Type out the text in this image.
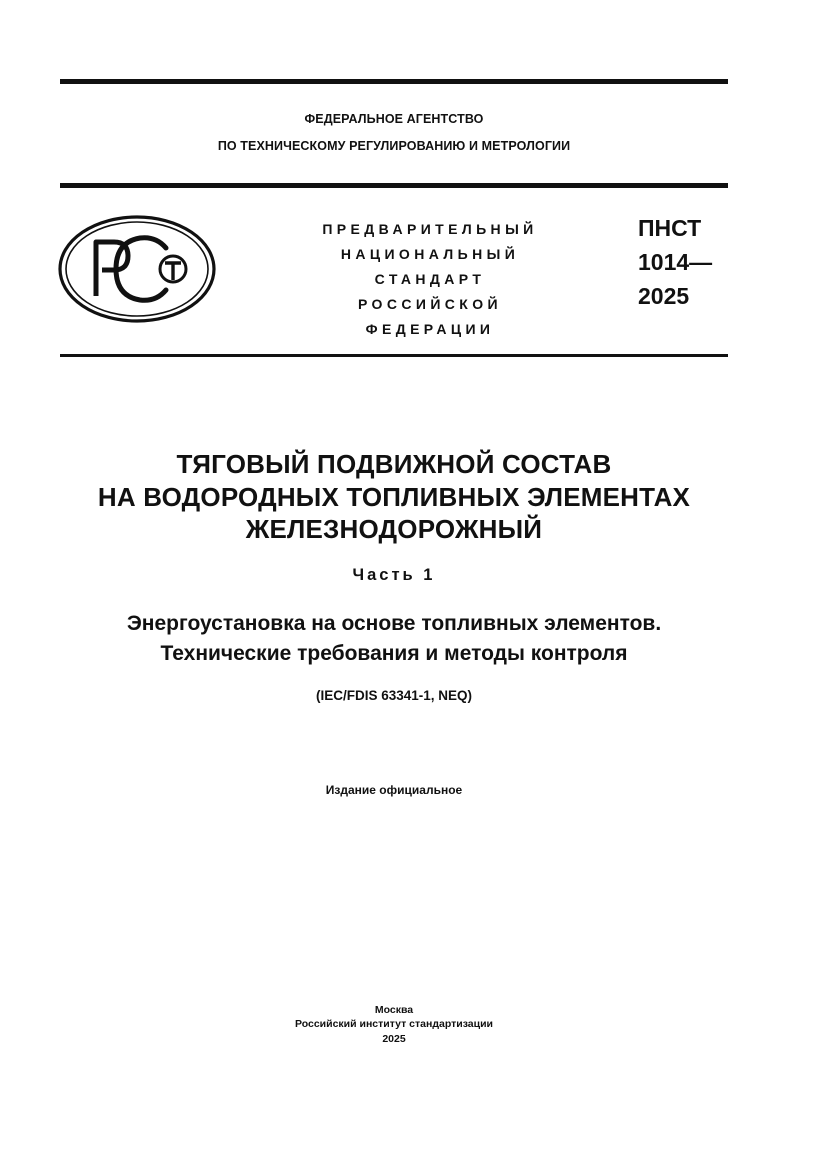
ФЕДЕРАЛЬНОЕ АГЕНТСТВО
ПО ТЕХНИЧЕСКОМУ РЕГУЛИРОВАНИЮ И МЕТРОЛОГИИ
ПРЕДВАРИТЕЛЬНЫЙ
НАЦИОНАЛЬНЫЙ
СТАНДАРТ
РОССИЙСКОЙ
ФЕДЕРАЦИИ
ПНСТ
1014—
2025
ТЯГОВЫЙ ПОДВИЖНОЙ СОСТАВ
НА ВОДОРОДНЫХ ТОПЛИВНЫХ ЭЛЕМЕНТАХ
ЖЕЛЕЗНОДОРОЖНЫЙ
Часть 1
Энергоустановка на основе топливных элементов.
Технические требования и методы контроля
(IEC/FDIS 63341-1, NEQ)
Издание официальное
Москва
Российский институт стандартизации
2025
